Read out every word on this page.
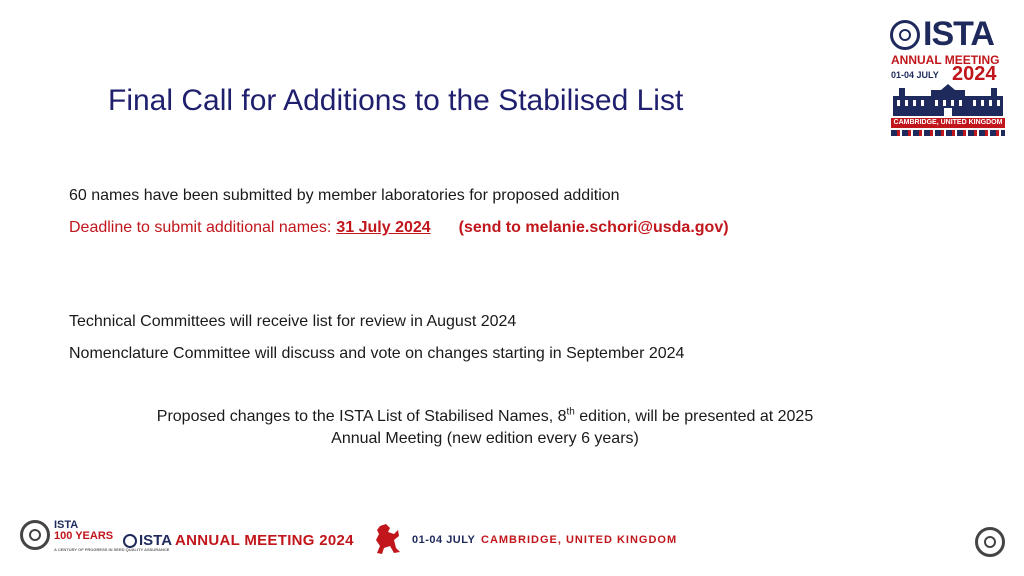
Final Call for Additions to the Stabilised List
60 names have been submitted by member laboratories for proposed addition
Deadline to submit additional names: 31 July 2024 (send to melanie.schori@usda.gov)
Technical Committees will receive list for review in August 2024
Nomenclature Committee will discuss and vote on changes starting in September 2024
Proposed changes to the ISTA List of Stabilised Names, 8th edition, will be presented at 2025
Annual Meeting (new edition every 6 years)
ISTA
ANNUAL MEETING
01-04 JULY 2024
CAMBRIDGE, UNITED KINGDOM
ISTA
100 YEARS
A CENTURY OF PROGRESS IN SEED QUALITY ASSURANCE
ISTA ANNUAL MEETING 2024	01-04 JULY CAMBRIDGE, UNITED KINGDOM
